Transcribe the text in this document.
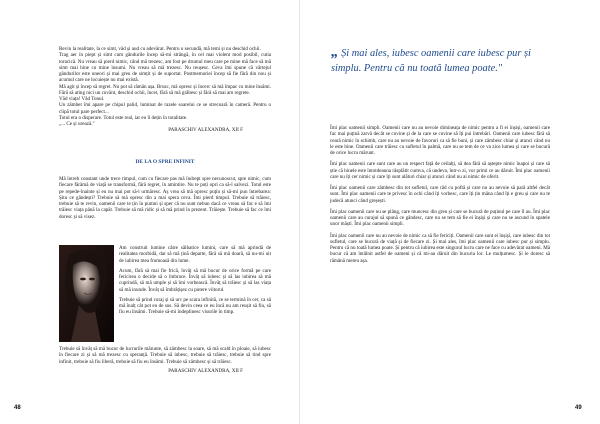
Revin la realitate, la ce simt, văd și aud cu adevărat. Pentru o secundă, mă temi și nu deschid ochii.

Trag aer în piept și simt cum gândurile încep să-mi strângă, în cel mai violent mod posibil, cutia toracică. Nu vreau să pierd nimic, când mă trezesc, am fost pe drumul meu care pe mine mă face să mă simt mai bine cu mine însumi. Nu vreau să mă trezesc. Nu reușesc. Ceva îmi spune că vărtejul gândurilor este uneori și mai greu de simțit și de suportat. Postmemoriei încep să fie fără din nou și acumul care ne locuiește nu mai există.

Mă agit și încep să regret. Nu pot să rămân așa. Brusc, mă opresc și încerc să mă împac cu mine însămi. Fără să ating nici un cuvânt, deschid ochii, încet, fără să mă grăbesc și fără să mai am regrete.

Văd viața! Văd Tonul.

Un zâmbet îmi apare pe chipul palid, luminat de razele soarelui ce se strecoară în cameră. Pentru o clipă totul pare perfect...

Totul era o disperare. Totul este real, iar eu îl dețin în totalitate.

„... Ce și urează."

PARASCHIV ALEXANDRA, XII F

DE LA O SPRE INFINIT

Mă întreb constant unde trece timpul, cum cu fiecare pas mă îndrept spre necunoscut, spre nimic, cum fiecare fărâmă de viață se transformă, fără regret, în amintire. Nu te poți opri ca să-l salvezi. Totul este pe repede-înainte și eu nu mai pot să-l urmăresc. Aș vrea să mă opresc puțin și să-mi pun întrebarea: Șitu ce gândești? Trebuie să mă opresc din a mai spera ceva. Îmi pierd timpul. Trebuie să trăiesc, trebuie să te revin, oamenii care te țin în pumni și sper că nu sunt nebun dacă ce vreau să fac e să îmi trăiesc viața până la capăt. Trebuie să mă ridic și să mă prind în prezent. Trăiește. Trebuie să fac ce îmi doresc și să visez.

Am construit lumine către sălbatice lumini, care să mă aprindă de realitatea morbidă, dar să mă țină departe, fără să mă doară, să nu-mi uit de iubirea mea frumoasă din lume.

Acum, fără să mai fie frică, învăț să mă bucur de orice formă pe care fericirea o decide să o îmbrace. Învăț să iubesc și să las iubirea să mă cuprindă, să mă umple și să îmi vorbească. Învăț să trăiesc și să las viața să mă inunde. Învăț să îmbrățișez cu putere viitorul.

Trebuie să prind curaj și să urc pe scara infinită, ce se termină în cer, ca să mă înalț cât pot eu de sus. Să devin ceea ce eu încă nu am reușit să fiu, să fiu eu însămi. Trebuie să-mi îndeplinesc visurile în timp.

Trebuie să învăț să mă bucur de lucrurile mărunte, să zâmbesc la soare, să mă scald în ploaie, să iubesc în fiecare zi și să mă trezesc cu speranță. Trebuie să iubesc, trebuie să trăiesc, trebuie să tind spre infinit, trebuie să fiu liberă, trebuie să fiu eu însămi. Trebuie să zâmbesc și să trăiesc.

PARASCHIV ALEXANDRA, XII F

48
„ Și mai ales, iubesc oamenii care iubesc pur și simplu. Pentru că nu toată lumea poate."

Îmi plac oamenii simpli. Oamenii care nu au nevoie dimineața de nimic pentru a fi ei înșiși, oamenii care fac mai puțină zarvă decât se cuvine și de la care se cuvine să îți pui întrebări. Oamenii care iubesc fără să ceară nimic în schimb, care nu au nevoie de favoruri ca să fie buni, și care zâmbesc chiar și atunci când nu le este bine. Oamenii care trăiesc cu sufletul în palmă, care nu se tem de ce va zice lumea și care se bucură de orice lucru mărunt.

Îmi plac oamenii care sunt care au un respect față de ceilalți, să dea fără să aștepte nimic înapoi și care să știe că binele este întotdeauna răsplătit cumva, că undeva, într-o zi, vor primi ce au dăruit. Îmi plac oamenii care nu îți cer nimic și care îți sunt alături chiar și atunci când nu ai nimic de oferit.

Îmi plac oamenii care zâmbesc din tot sufletul, care râd cu poftă și care nu au nevoie să pară altfel decât sunt. Îmi plac oamenii care te privesc în ochi când îți vorbesc, care îți țin mâna când îți e greu și care nu te judecă atunci când greșești.

Îmi plac oamenii care nu se plâng, care muncesc din greu și care se bucură de puținul pe care îl au. Îmi plac oamenii care au curajul să spună ce gândesc, care nu se tem să fie ei înșiși și care nu se ascund în spatele unor măști. Îmi plac oamenii simpli.

Îmi plac oamenii care nu au nevoie de nimic ca să fie fericiți. Oamenii care sunt ei înșiși, care iubesc din tot sufletul, care se bucură de viață și de fiecare zi. Și mai ales, îmi plac oamenii care iubesc pur și simplu. Pentru că nu toată lumea poate. Și pentru că iubirea este singurul lucru care ne face cu adevărat oameni. Mă bucur că am întâlnit astfel de oameni și că mi-au dăruit din bucuria lor. Le mulțumesc. Și le doresc să rămână mereu așa.

49
